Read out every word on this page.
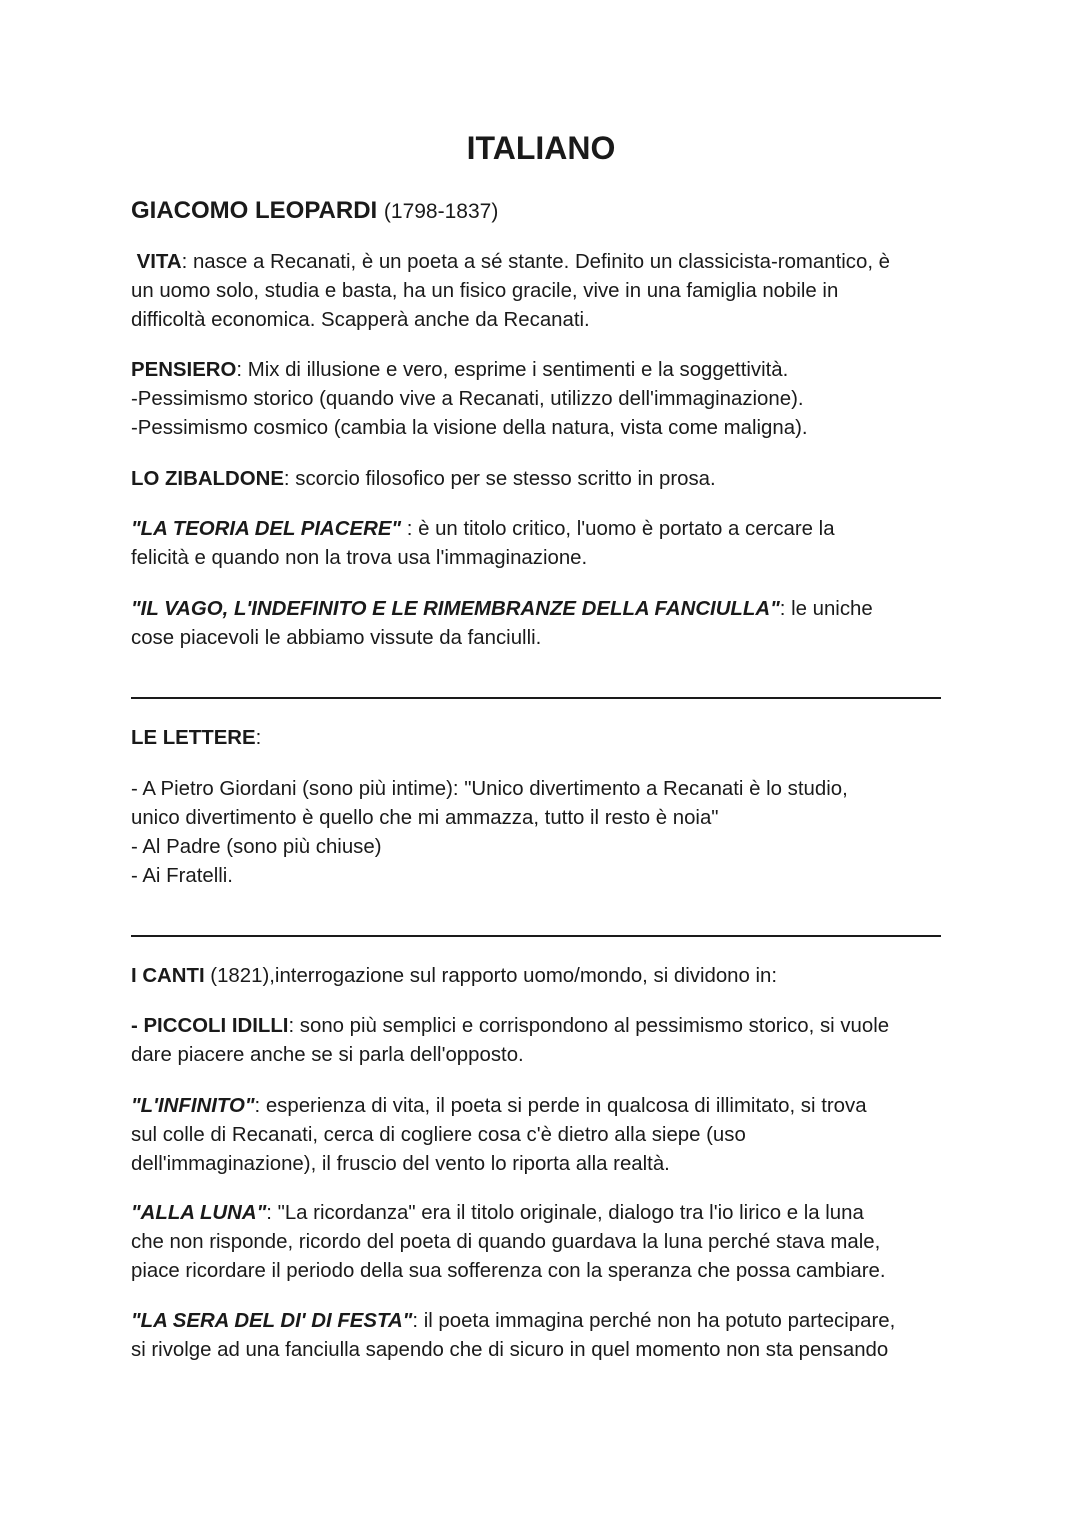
ITALIANO

GIACOMO LEOPARDI (1798-1837)

VITA: nasce a Recanati, è un poeta a sé stante. Definito un classicista-romantico, è
un uomo solo, studia e basta, ha un fisico gracile, vive in una famiglia nobile in
difficoltà economica. Scapperà anche da Recanati.

PENSIERO: Mix di illusione e vero, esprime i sentimenti e la soggettività.
-Pessimismo storico (quando vive a Recanati, utilizzo dell'immaginazione).
-Pessimismo cosmico (cambia la visione della natura, vista come maligna).

LO ZIBALDONE: scorcio filosofico per se stesso scritto in prosa.

"LA TEORIA DEL PIACERE" : è un titolo critico, l'uomo è portato a cercare la
felicità e quando non la trova usa l'immaginazione.

"IL VAGO, L'INDEFINITO E LE RIMEMBRANZE DELLA FANCIULLA": le uniche
cose piacevoli le abbiamo vissute da fanciulli.

LE LETTERE:

- A Pietro Giordani (sono più intime): "Unico divertimento a Recanati è lo studio,
unico divertimento è quello che mi ammazza, tutto il resto è noia"
- Al Padre (sono più chiuse)
- Ai Fratelli.

I CANTI (1821),interrogazione sul rapporto uomo/mondo, si dividono in:

- PICCOLI IDILLI: sono più semplici e corrispondono al pessimismo storico, si vuole
dare piacere anche se si parla dell'opposto.

"L'INFINITO": esperienza di vita, il poeta si perde in qualcosa di illimitato, si trova
sul colle di Recanati, cerca di cogliere cosa c'è dietro alla siepe (uso
dell'immaginazione), il fruscio del vento lo riporta alla realtà.

"ALLA LUNA": "La ricordanza" era il titolo originale, dialogo tra l'io lirico e la luna
che non risponde, ricordo del poeta di quando guardava la luna perché stava male,
piace ricordare il periodo della sua sofferenza con la speranza che possa cambiare.

"LA SERA DEL DI' DI FESTA": il poeta immagina perché non ha potuto partecipare,
si rivolge ad una fanciulla sapendo che di sicuro in quel momento non sta pensando
